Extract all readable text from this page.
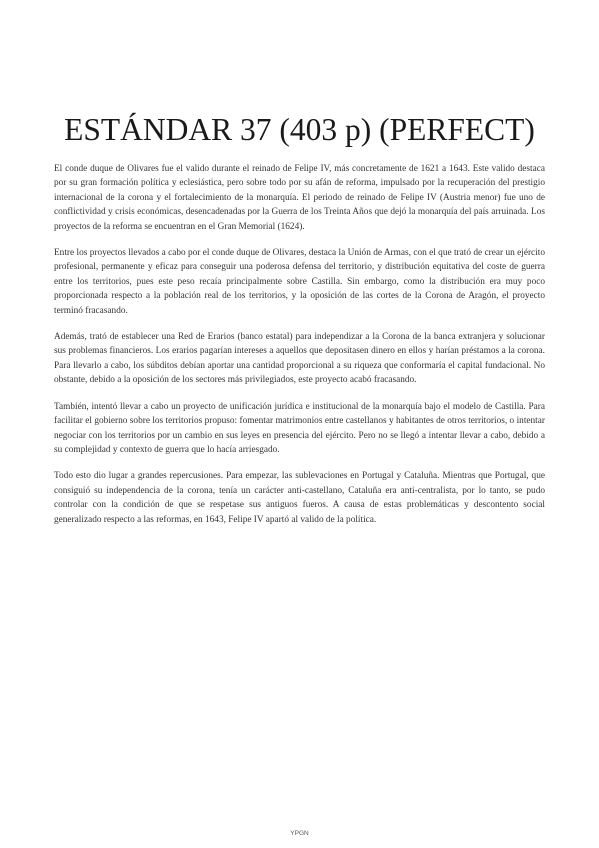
ESTÁNDAR 37 (403 p) (PERFECT)

El conde duque de Olivares fue el valido durante el reinado de Felipe IV, más concretamente de 1621 a 1643. Este valido destaca por su gran formación política y eclesiástica, pero sobre todo por su afán de reforma, impulsado por la recuperación del prestigio internacional de la corona y el fortalecimiento de la monarquía. El periodo de reinado de Felipe IV (Austria menor) fue uno de conflictividad y crisis económicas, desencadenadas por la Guerra de los Treinta Años que dejó la monarquía del país arruinada. Los proyectos de la reforma se encuentran en el Gran Memorial (1624).

Entre los proyectos llevados a cabo por el conde duque de Olivares, destaca la Unión de Armas, con el que trató de crear un ejército profesional, permanente y eficaz para conseguir una poderosa defensa del territorio, y distribución equitativa del coste de guerra entre los territorios, pues este peso recaía principalmente sobre Castilla. Sin embargo, como la distribución era muy poco proporcionada respecto a la población real de los territorios, y la oposición de las cortes de la Corona de Aragón, el proyecto terminó fracasando.

Además, trató de establecer una Red de Erarios (banco estatal) para independizar a la Corona de la banca extranjera y solucionar sus problemas financieros. Los erarios pagarían intereses a aquellos que depositasen dinero en ellos y harían préstamos a la corona. Para llevarlo a cabo, los súbditos debían aportar una cantidad proporcional a su riqueza que conformaría el capital fundacional. No obstante, debido a la oposición de los sectores más privilegiados, este proyecto acabó fracasando.

También, intentó llevar a cabo un proyecto de unificación jurídica e institucional de la monarquía bajo el modelo de Castilla. Para facilitar el gobierno sobre los territorios propuso: fomentar matrimonios entre castellanos y habitantes de otros territorios, o intentar negociar con los territorios por un cambio en sus leyes en presencia del ejército. Pero no se llegó a intentar llevar a cabo, debido a su complejidad y contexto de guerra que lo hacía arriesgado.

Todo esto dio lugar a grandes repercusiones. Para empezar, las sublevaciones en Portugal y Cataluña. Mientras que Portugal, que consiguió su independencia de la corona, tenía un carácter anti-castellano, Cataluña era anti-centralista, por lo tanto, se pudo controlar con la condición de que se respetase sus antiguos fueros. A causa de estas problemáticas y descontento social generalizado respecto a las reformas, en 1643, Felipe IV apartó al valido de la política.

YPGN
